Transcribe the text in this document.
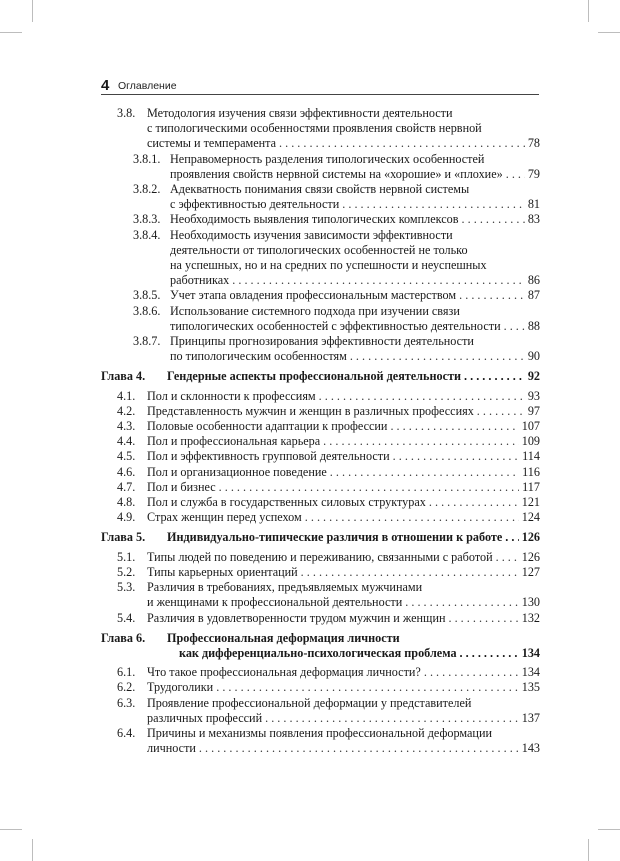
4 Оглавление
3.8. Методология изучения связи эффективности деятельности
с типологическими особенностями проявления свойств нервной
системы и темперамента . . .	78
3.8.1. Неправомерность разделения типологических особенностей
проявления свойств нервной системы на «хорошие» и «плохие» . . . 79
3.8.2. Адекватность понимания связи свойств нервной системы
с эффективностью деятельности . . .	81
3.8.3. Необходимость выявления типологических комплексов . . .	83
3.8.4. Необходимость изучения зависимости эффективности
деятельности от типологических особенностей не только
на успешных, но и на средних по успешности и неуспешных
работниках . . .	86
3.8.5. Учет этапа овладения профессиональным мастерством . . .	87
3.8.6. Использование системного подхода при изучении связи
типологических особенностей с эффективностью деятельности . . . 88
3.8.7. Принципы прогнозирования эффективности деятельности
по типологическим особенностям . . .	90
Глава 4. Гендерные аспекты профессиональной деятельности . . .	92
4.1. Пол и склонности к профессиям . . .	93
4.2. Представленность мужчин и женщин в различных профессиях . . .	97
4.3. Половые особенности адаптации к профессии . . .	107
4.4. Пол и профессиональная карьера . . .	109
4.5. Пол и эффективность групповой деятельности . . .	114
4.6. Пол и организационное поведение . . .	116
4.7. Пол и бизнес . . .	117
4.8. Пол и служба в государственных силовых структурах . . .	121
4.9. Страх женщин перед успехом . . .	124
Глава 5. Индивидуально-типические различия в отношении к работе . . . 126
5.1. Типы людей по поведению и переживанию, связанными с работой . . . 126
5.2. Типы карьерных ориентаций . . .	127
5.3. Различия в требованиях, предъявляемых мужчинами
и женщинами к профессиональной деятельности . . .	130
5.4. Различия в удовлетворенности трудом мужчин и женщин . . .	132
Глава 6. Профессиональная деформация личности
как дифференциально-психологическая проблема . . .	134
6.1. Что такое профессиональная деформация личности? . . .	134
6.2. Трудоголики . . .	135
6.3. Проявление профессиональной деформации у представителей
различных профессий . . .	137
6.4. Причины и механизмы появления профессиональной деформации
личности . . .	143
